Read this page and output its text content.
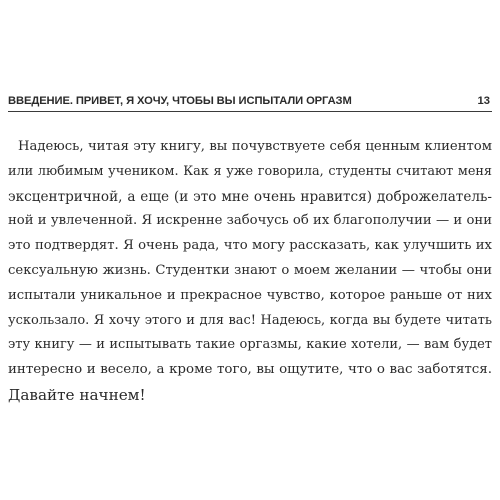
ВВЕДЕНИЕ. ПРИВЕТ, Я ХОЧУ, ЧТОБЫ ВЫ ИСПЫТАЛИ ОРГАЗМ	13
Надеюсь, читая эту книгу, вы почувствуете себя ценным клиентом
или любимым учеником. Как я уже говорила, студенты считают меня
эксцентричной, а еще (и это мне очень нравится) доброжелатель-
ной и увлеченной. Я искренне забочусь об их благополучии — и они
это подтвердят. Я очень рада, что могу рассказать, как улучшить их
сексуальную жизнь. Студентки знают о моем желании — чтобы они
испытали уникальное и прекрасное чувство, которое раньше от них
ускользало. Я хочу этого и для вас! Надеюсь, когда вы будете читать
эту книгу — и испытывать такие оргазмы, какие хотели, — вам будет
интересно и весело, а кроме того, вы ощутите, что о вас заботятся.
Давайте начнем!
